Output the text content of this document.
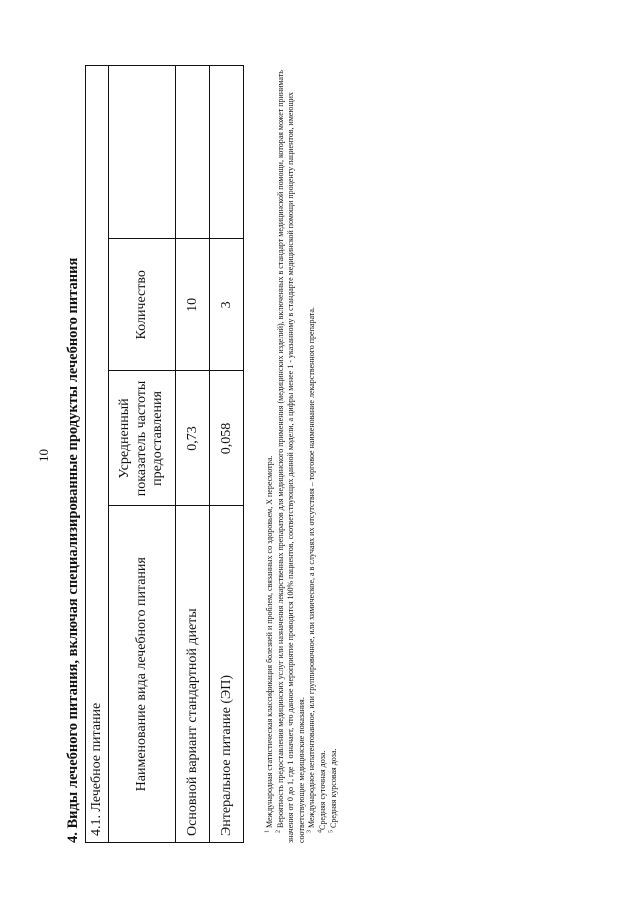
10 4. Виды лечебного питания, включая специализированные продукты лечебного питания 4.1. Лечебное питание			
Наименование вида лечебного питания	Усредненный показатель частоты предоставления	Количество	
Основной вариант стандартной диеты	0,73	10	
Энтеральное питание (ЭП)	0,058	3	

$^1$ Международная статистическая классификация болезней и проблем, связанных со здоровьем, X пересмотра.

$^2$ Вероятность предоставления медицинских услуг или назначения лекарственных препаратов для медицинского применения (медицинских изделий), включенных в стандарт медицинской помощи, которая может принимать значения от 0 до 1, где 1 означает, что данное мероприятие проводится 100% пациентов, соответствующих данной модели, а цифры менее 1 - указанному в стандарте медицинской помощи проценту пациентов, имеющих соответствующие медицинские показания. $^3$ Международное непатентованное, или группировочное, или химическое, а в случаях их отсутствия – торговое наименование лекарственного препарата.

$^4$Средняя суточная доза.

$^5$ Средняя курсовая доза.
